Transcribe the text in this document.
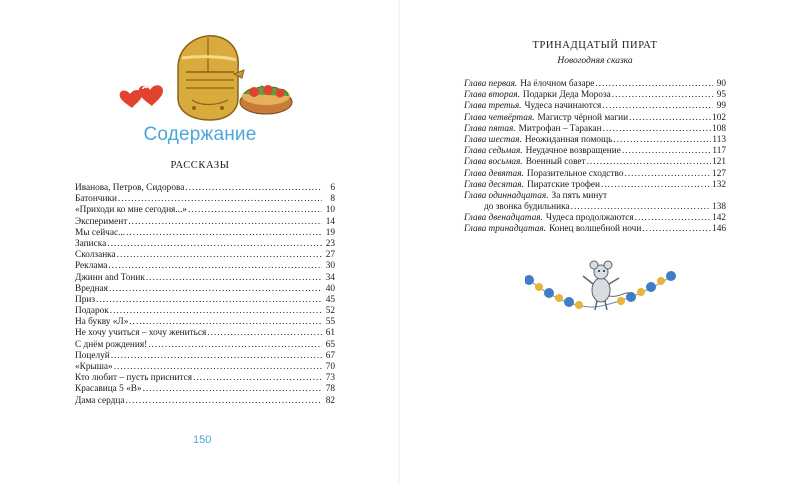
Содержание
РАССКАЗЫ
Иванова, Петров, Сидорова .....	6
Батончики .....	8
«Приходи ко мне сегодня...» .....	10
Эксперимент .....	14
Мы сейчас... .....	19
Записка .....	23
Сколзанка .....	27
Реклама .....	30
Джинн and Тоник .....	34
Вредная .....	40
Приз .....	45
Подарок .....	52
На букву «Л» .....	55
Не хочу учиться – хочу жениться .....	61
С днём рождения! .....	65
Поцелуй .....	67
«Крыша» .....	70
Кто любит – пусть приснится .....	73
Красавица 5 «В» .....	78
Дама сердца .....	82
150
ТРИНАДЦАТЫЙ ПИРАТ
Новогодняя сказка
Глава первая. На ёлочном базаре .....	90
Глава вторая. Подарки Деда Мороза .....	95
Глава третья. Чудеса начинаются .....	99
Глава четвёртая. Магистр чёрной магии .....	102
Глава пятая. Митрофан – Таракан .....	108
Глава шестая. Неожиданная помощь .....	113
Глава седьмая. Неудачное возвращение .....	117
Глава восьмая. Военный совет .....	121
Глава девятая. Поразительное сходство .....	127
Глава десятая. Пиратские трофеи .....	132
Глава одиннадцатая. За пять минут
до звонка будильника .....	138
Глава двенадцатая. Чудеса продолжаются .....	142
Глава тринадцатая. Конец волшебной ночи .....	146
